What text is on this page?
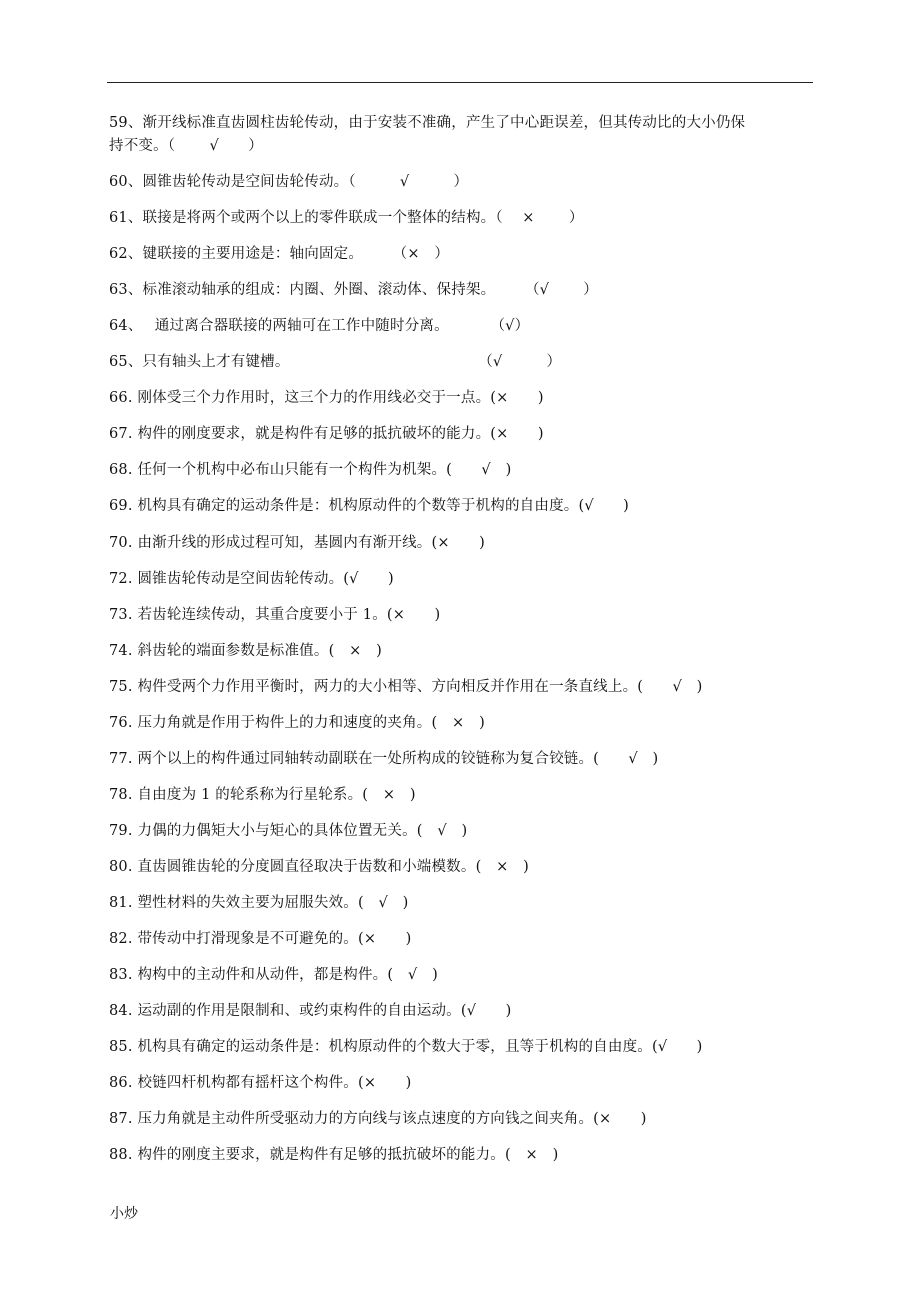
59、渐开线标准直齿圆柱齿轮传动，由于安装不准确，产生了中心距误差，但其传动比的大小仍保
持不变。（　　 √　　）
60、圆锥齿轮传动是空间齿轮传动。（　　　√　　　）
61、联接是将两个或两个以上的零件联成一个整体的结构。（　 ×　　 ）
62、键联接的主要用途是：轴向固定。　　　（×　）
63、标准滚动轴承的组成：内圈、外圈、滚动体、保持架。　　　（√　　 ）
64、　 通过离合器联接的两轴可在工作中随时分离。　　　 （√）
65、只有轴头上才有键槽。　　　　　　　　　　　　　 （√　　　）
66. 刚体受三个力作用时，这三个力的作用线必交于一点。(×　　)
67. 构件的刚度要求，就是构件有足够的抵抗破坏的能力。(×　　)
68. 任何一个机构中必布山只能有一个构件为机架。(　　√　)
69. 机构具有确定的运动条件是：机构原动件的个数等于机构的自由度。(√　　)
70. 由渐升线的形成过程可知，基圆内有渐开线。(×　　)
72. 圆锥齿轮传动是空间齿轮传动。(√　　)
73. 若齿轮连续传动，其重合度要小于 1。(×　　)
74. 斜齿轮的端面参数是标准值。(　×　)
75. 构件受两个力作用平衡时，两力的大小相等、方向相反并作用在一条直线上。(　　√　)
76. 压力角就是作用于构件上的力和速度的夹角。(　×　)
77. 两个以上的构件通过同轴转动副联在一处所构成的铰链称为复合铰链。(　　√　)
78. 自由度为 1 的轮系称为行星轮系。(　×　)
79. 力偶的力偶矩大小与矩心的具体位置无关。(　√　)
80. 直齿圆锥齿轮的分度圆直径取决于齿数和小端模数。(　×　)
81. 塑性材料的失效主要为屈服失效。(　√　)
82. 带传动中打滑现象是不可避免的。(×　　)
83. 构构中的主动件和从动件，都是构件。(　√　)
84. 运动副的作用是限制和、或约束构件的自由运动。(√　　)
85. 机构具有确定的运动条件是：机构原动件的个数大于零，且等于机构的自由度。(√　　)
86. 校链四杆机构都有摇杆这个构件。(×　　)
87. 压力角就是主动件所受驱动力的方向线与该点速度的方向钱之间夹角。(×　　)
88. 构件的刚度主要求，就是构件有足够的抵抗破坏的能力。(　×　)
小炒
